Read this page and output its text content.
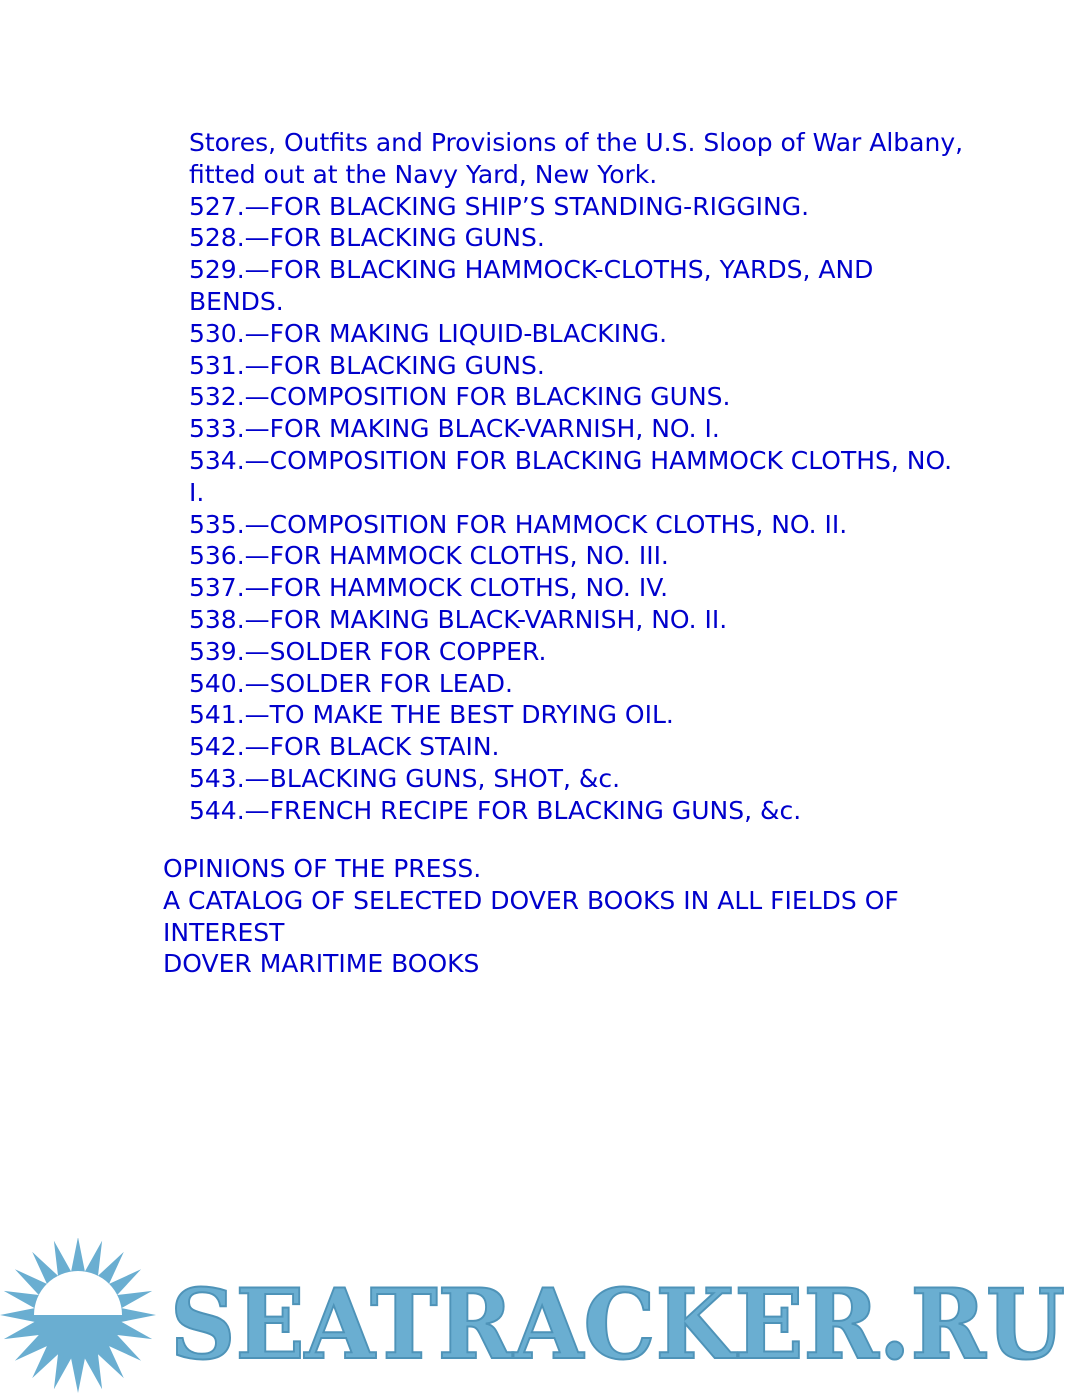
Stores, Outfits and Provisions of the U.S. Sloop of War Albany, fitted out at the Navy Yard, New York.
527.—FOR BLACKING SHIP’S STANDING-RIGGING.
528.—FOR BLACKING GUNS.
529.—FOR BLACKING HAMMOCK-CLOTHS, YARDS, AND BENDS.
530.—FOR MAKING LIQUID-BLACKING.
531.—FOR BLACKING GUNS.
532.—COMPOSITION FOR BLACKING GUNS.
533.—FOR MAKING BLACK-VARNISH, NO. I.
534.—COMPOSITION FOR BLACKING HAMMOCK CLOTHS, NO. I.
535.—COMPOSITION FOR HAMMOCK CLOTHS, NO. II.
536.—FOR HAMMOCK CLOTHS, NO. III.
537.—FOR HAMMOCK CLOTHS, NO. IV.
538.—FOR MAKING BLACK-VARNISH, NO. II.
539.—SOLDER FOR COPPER.
540.—SOLDER FOR LEAD.
541.—TO MAKE THE BEST DRYING OIL.
542.—FOR BLACK STAIN.
543.—BLACKING GUNS, SHOT, &c.
544.—FRENCH RECIPE FOR BLACKING GUNS, &c.
OPINIONS OF THE PRESS.
A CATALOG OF SELECTED DOVER BOOKS IN ALL FIELDS OF INTEREST
DOVER MARITIME BOOKS
SEATRACKER.RU
